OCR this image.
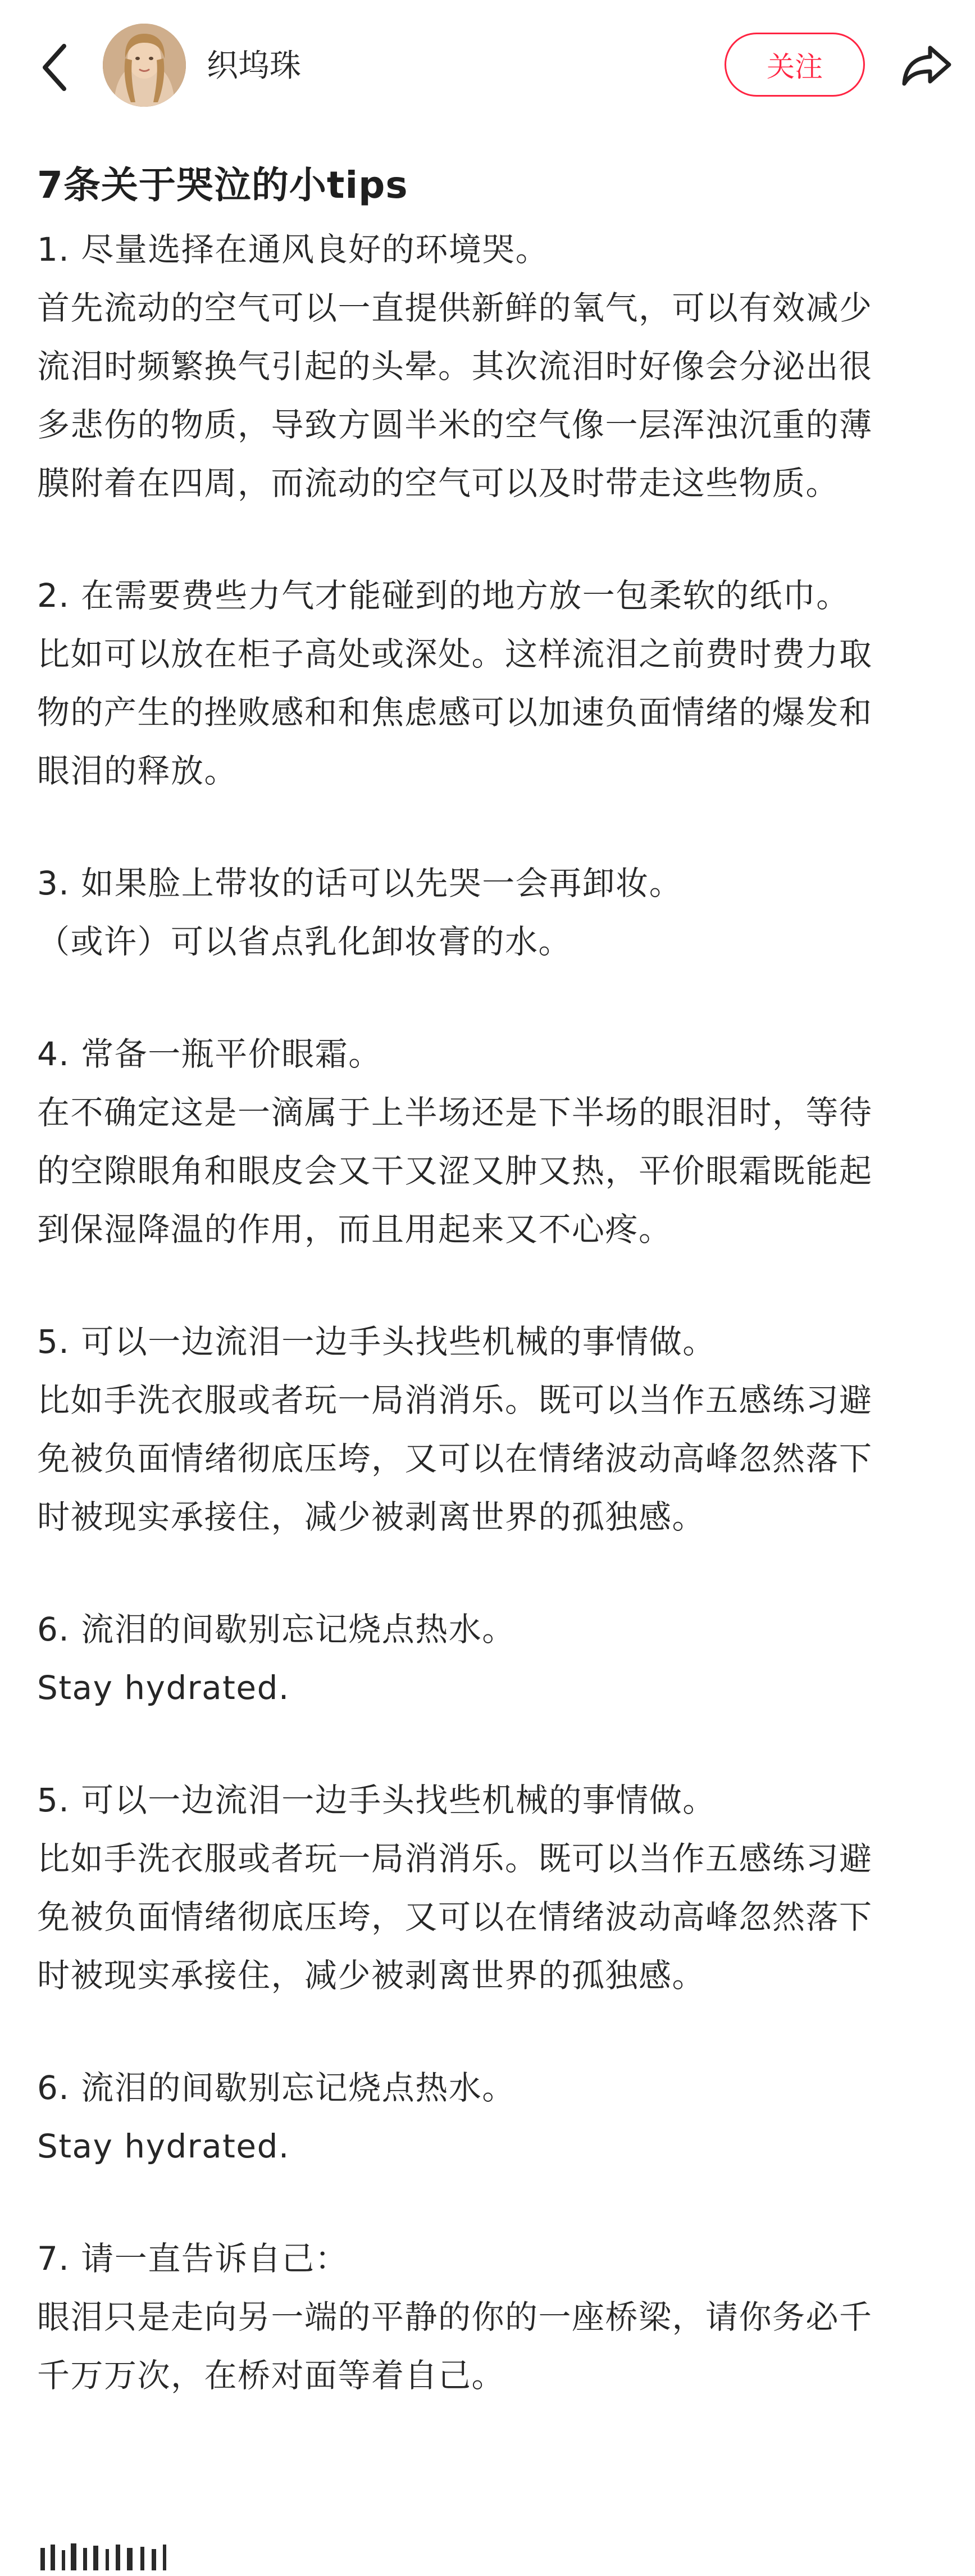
织坞珠	关注
7条关于哭泣的小tips
1. 尽量选择在通风良好的环境哭。
首先流动的空气可以一直提供新鲜的氧气，可以有效减少
流泪时频繁换气引起的头晕。其次流泪时好像会分泌出很
多悲伤的物质，导致方圆半米的空气像一层浑浊沉重的薄
膜附着在四周，而流动的空气可以及时带走这些物质。
2. 在需要费些力气才能碰到的地方放一包柔软的纸巾。
比如可以放在柜子高处或深处。这样流泪之前费时费力取
物的产生的挫败感和和焦虑感可以加速负面情绪的爆发和
眼泪的释放。
3. 如果脸上带妆的话可以先哭一会再卸妆。
（或许）可以省点乳化卸妆膏的水。
4. 常备一瓶平价眼霜。
在不确定这是一滴属于上半场还是下半场的眼泪时，等待
的空隙眼角和眼皮会又干又涩又肿又热，平价眼霜既能起
到保湿降温的作用，而且用起来又不心疼。
5. 可以一边流泪一边手头找些机械的事情做。
比如手洗衣服或者玩一局消消乐。既可以当作五感练习避
免被负面情绪彻底压垮，又可以在情绪波动高峰忽然落下
时被现实承接住，减少被剥离世界的孤独感。
6. 流泪的间歇别忘记烧点热水。
Stay hydrated.
5. 可以一边流泪一边手头找些机械的事情做。
比如手洗衣服或者玩一局消消乐。既可以当作五感练习避
免被负面情绪彻底压垮，又可以在情绪波动高峰忽然落下
时被现实承接住，减少被剥离世界的孤独感。
6. 流泪的间歇别忘记烧点热水。
Stay hydrated.
7. 请一直告诉自己：
眼泪只是走向另一端的平静的你的一座桥梁，请你务必千
千万万次，在桥对面等着自己。
